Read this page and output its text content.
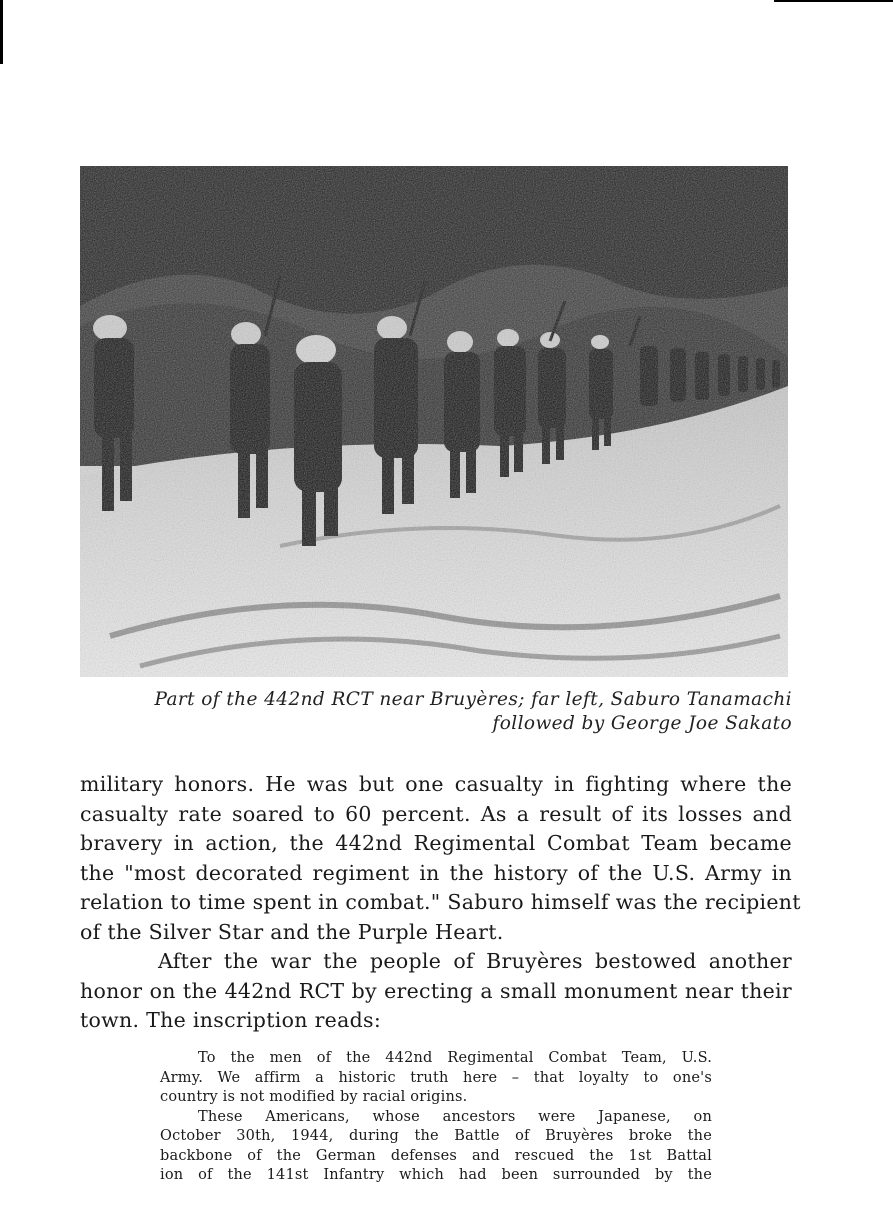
Part of the 442nd RCT near Bruyères; far left, Saburo Tanamachi
followed by George Joe Sakato
military honors. He was but one casualty in fighting where the
casualty rate soared to 60 percent. As a result of its losses and
bravery in action, the 442nd Regimental Combat Team became
the "most decorated regiment in the history of the U.S. Army in
relation to time spent in combat." Saburo himself was the recipient
of the Silver Star and the Purple Heart.
After the war the people of Bruyères bestowed another
honor on the 442nd RCT by erecting a small monument near their
town. The inscription reads:
To the men of the 442nd Regimental Combat Team, U.S.
Army. We affirm a historic truth here – that loyalty to one's
country is not modified by racial origins.
These Americans, whose ancestors were Japanese, on
October 30th, 1944, during the Battle of Bruyères broke the
backbone of the German defenses and rescued the 1st Battal
ion of the 141st Infantry which had been surrounded by the
